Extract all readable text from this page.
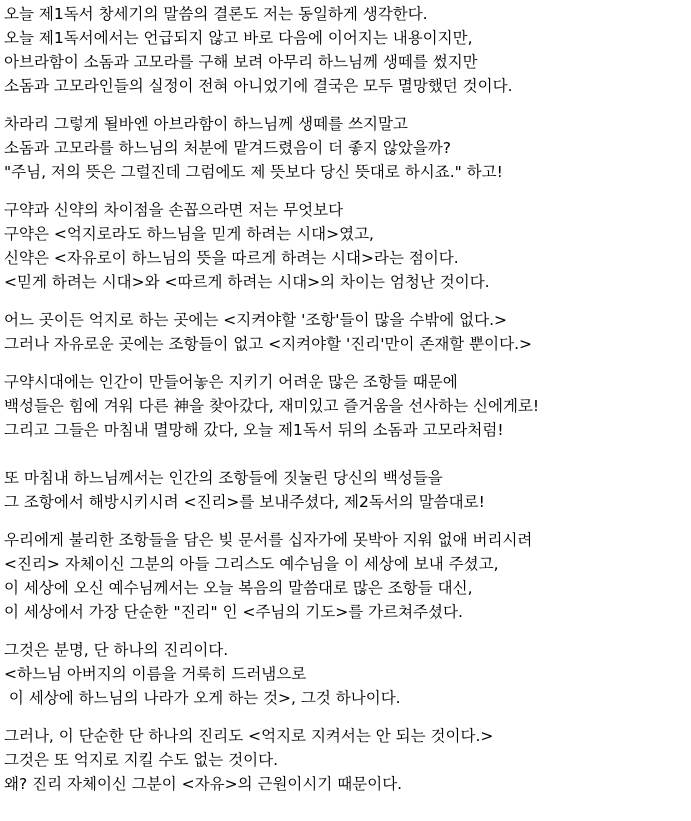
오늘 제1독서 창세기의 말씀의 결론도 저는 동일하게 생각한다.
오늘 제1독서에서는 언급되지 않고 바로 다음에 이어지는 내용이지만,
아브라함이 소돔과 고모라를 구해 보려 아무리 하느님께 생떼를 썼지만
소돔과 고모라인들의 실정이 전혀 아니었기에 결국은 모두 멸망했던 것이다.
차라리 그렇게 될바엔 아브라함이 하느님께 생떼를 쓰지말고
소돔과 고모라를 하느님의 처분에 맡겨드렸음이 더 좋지 않았을까?
"주님, 저의 뜻은 그럴진데 그럼에도 제 뜻보다 당신 뜻대로 하시죠." 하고!
구약과 신약의 차이점을 손꼽으라면 저는 무엇보다
구약은 <억지로라도 하느님을 믿게 하려는 시대>였고,
신약은 <자유로이 하느님의 뜻을 따르게 하려는 시대>라는 점이다.
<믿게 하려는 시대>와 <따르게 하려는 시대>의 차이는 엄청난 것이다.
어느 곳이든 억지로 하는 곳에는 <지켜야할 '조항'들이 많을 수밖에 없다.>
그러나 자유로운 곳에는 조항들이 없고 <지켜야할 '진리'만이 존재할 뿐이다.>
구약시대에는 인간이 만들어놓은 지키기 어려운 많은 조항들 때문에
백성들은 힘에 겨워 다른 神을 찾아갔다, 재미있고 즐거움을 선사하는 신에게로!
그리고 그들은 마침내 멸망해 갔다, 오늘 제1독서 뒤의 소돔과 고모라처럼!
또 마침내 하느님께서는 인간의 조항들에 짓눌린 당신의 백성들을
그 조항에서 해방시키시려 <진리>를 보내주셨다, 제2독서의 말씀대로!
우리에게 불리한 조항들을 담은 빚 문서를 십자가에 못박아 지워 없애 버리시려
<진리> 자체이신 그분의 아들 그리스도 예수님을 이 세상에 보내 주셨고,
이 세상에 오신 예수님께서는 오늘 복음의 말씀대로 많은 조항들 대신,
이 세상에서 가장 단순한 "진리" 인 <주님의 기도>를 가르쳐주셨다.
그것은 분명, 단 하나의 진리이다.
<하느님 아버지의 이름을 거룩히 드러냄으로
이 세상에 하느님의 나라가 오게 하는 것>, 그것 하나이다.
그러나, 이 단순한 단 하나의 진리도 <억지로 지켜서는 안 되는 것이다.>
그것은 또 억지로 지킬 수도 없는 것이다.
왜? 진리 자체이신 그분이 <자유>의 근원이시기 때문이다.
